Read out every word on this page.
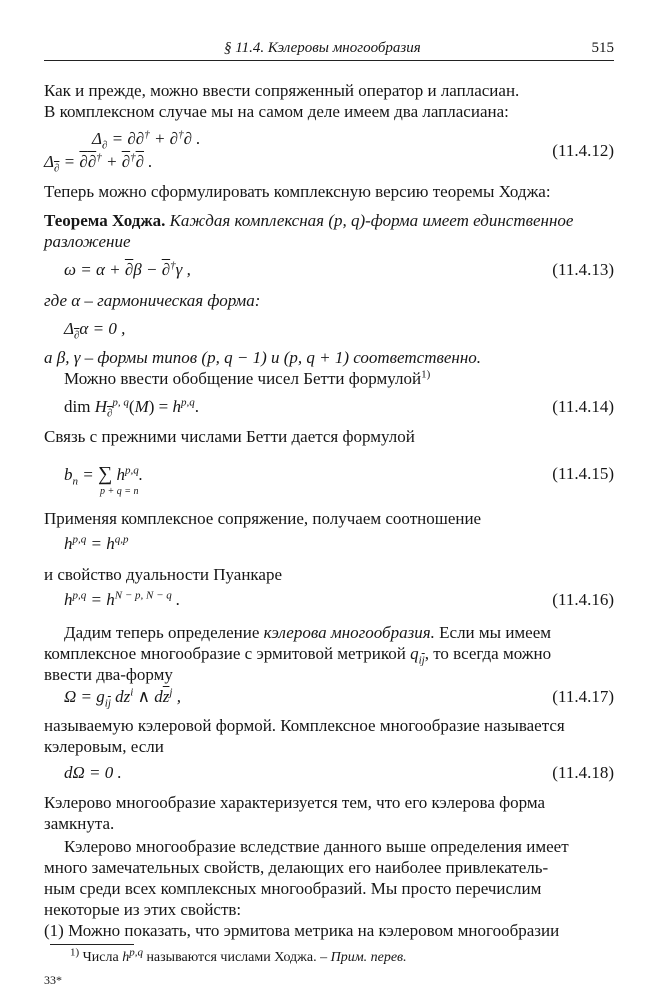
§ 11.4. Кэлеровы многообразия	515
Как и прежде, можно ввести сопряженный оператор и лапласиан.
В комплексном случае мы на самом деле имеем два лапласиана:
$\Delta_\partial = \partial\partial^\dagger + \partial^\dagger\partial$ .
$\Delta_\partial = \partial\partial^\dagger + \partial^\dagger\partial$ .
(11.4.12)
Теперь можно сформулировать комплексную версию теоремы Ходжа:
Теорема Ходжа. Каждая комплексная (p, q)-форма имеет единственное
разложение
ω = α + ∂β − ∂†γ ,	(11.4.13)
где α – гармоническая форма:
$\Delta_\partial\alpha = 0$ ,
а β, γ – формы типов (p, q − 1) и (p, q + 1) соответственно.
Можно ввести обобщение чисел Бетти формулой$^{1)}$
dim $H_\partial^{p, q}(M) = h^{p,q}$.	(11.4.14)
Связь с прежними числами Бетти дается формулой
$b_n$ = ∑ $h^{p,q}$.
p + q = n
(11.4.15)
Применяя комплексное сопряжение, получаем соотношение
$h^{p,q} = h^{q,p}$
и свойство дуальности Пуанкаре
$h^{p,q} = h^{N - p, N - q}$ .	(11.4.16)
Дадим теперь определение кэлерова многообразия. Если мы имеем
комплексное многообразие с эрмитовой метрикой $q_{i\overline{j}}$, то всегда можно
ввести два-форму
$\Omega = g_{i\overline{j}}$ $dz^i$ ∧ $d\overline{z}^j$ ,	(11.4.17)
называемую кэлеровой формой. Комплексное многообразие называется
кэлеровым, если
dΩ = 0 .	(11.4.18)
Кэлерово многообразие характеризуется тем, что его кэлерова форма
замкнута.
Кэлерово многообразие вследствие данного выше определения имеет
много замечательных свойств, делающих его наиболее привлекатель-
ным среди всех комплексных многообразий. Мы просто перечислим
некоторые из этих свойств:
(1) Можно показать, что эрмитова метрика на кэлеровом многообразии
$^{1)}$ Числа $h^{p,q}$ называются числами Ходжа. – Прим. перев.
33*
